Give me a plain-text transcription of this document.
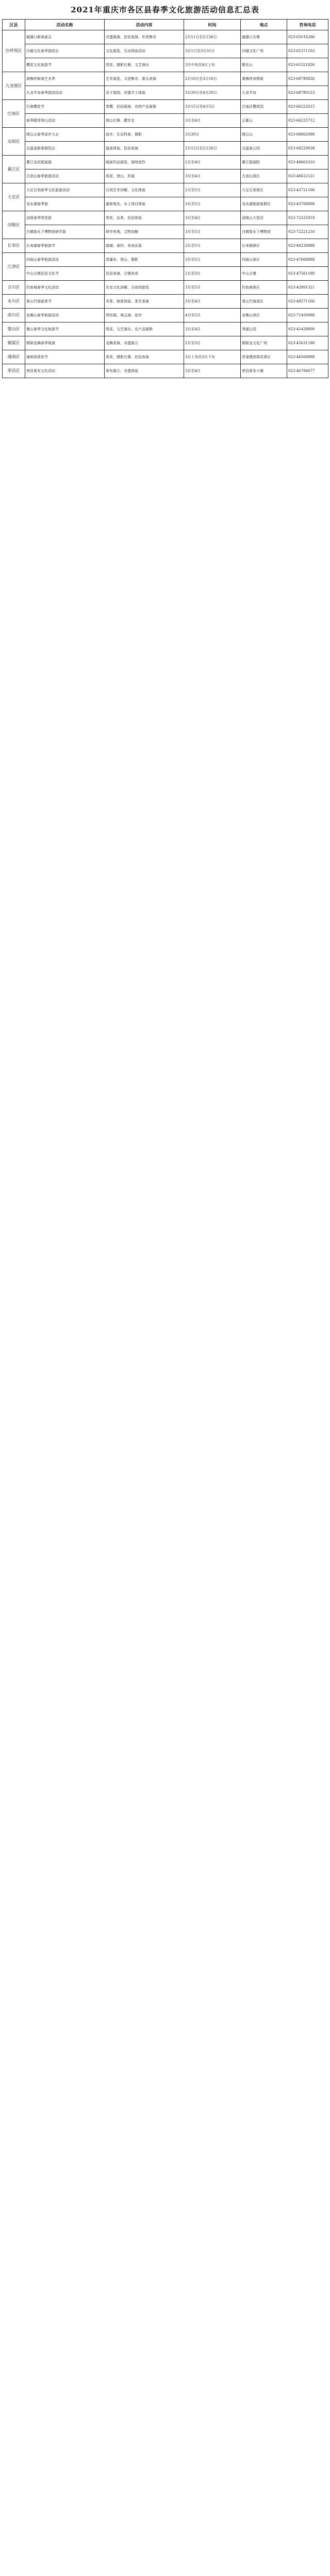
2021年重庆市各区县春季文化旅游活动信息汇总表
区县	活动名称	活动内容	时间	地点	咨询电话
沙坪坝区	磁器口新春庙会	非遗展演、民俗表演、年货集市	2月11日至2月26日	磁器口古镇	023-65016286
	沙磁文化春季游园会	文化展览、互动体验活动	3月1日至3月31日	沙磁文化广场	023-65371103
	樱花文化旅游节	赏花、摄影比赛、文艺演出	3月中旬至4月上旬	歌乐山	023-65321826
九龙坡区	黄桷坪新春艺术季	艺术展览、文创集市、街头表演	2月10日至3月10日	黄桷坪涂鸦街	023-68780826
	九龙半岛春季游园活动	亲子游园、非遗手工体验	3月20日至4月20日	九龙半岛	023-68780123
巴南区	巴南樱花节	赏樱、民俗展演、农特产品展销	3月15日至4月5日	巴南区樱花园	023-66222615
	春季踏青登山活动	登山比赛、健步走	3月至4月	云篆山	023-66225712
北碚区	缙云山春季徒步大会	徒步、生态科普、摄影	3月20日	缙云山	023-68862088
	北温泉新春游园会	温泉体验、民俗表演	2月12日至2月26日	北温泉公园	023-68220038
綦江区	綦江农民版画展	版画作品展览、现场创作	2月至4月	綦江版画院	023-48663310
	古剑山春季旅游活动	赏花、登山、祈福	3月至4月	古剑山景区	023-48622121
大足区	大足石刻春季文化旅游活动	石刻艺术讲解、文化体验	2月至5月	大足石刻景区	023-43721166
	龙水湖春季游	湖景观光、水上项目体验	3月至5月	龙水湖旅游度假区	023-43768888
涪陵区	涪陵春季赏花游	赏花、品茶、民俗体验	3月至4月	武陵山大裂谷	023-72225018
	白鹤梁水下博物馆研学游	研学参观、文物讲解	3月至5月	白鹤梁水下博物馆	023-72221216
长寿区	长寿湖春季旅游节	游湖、垂钓、美食品鉴	3月至5月	长寿湖景区	023-40230888
江津区	四面山春季旅游活动	赏瀑布、登山、摄影	3月至5月	四面山景区	023-47668888
	中山古镇民俗文化节	民俗表演、古镇美食	2月至3月	中山古镇	023-47561188
合川区	钓鱼城春季文化活动	历史文化讲解、古战场游览	3月至5月	钓鱼城景区	023-42801321
永川区	茶山竹海春茶节	采茶、制茶体验、茶艺表演	3月至4月	茶山竹海景区	023-49571166
南川区	金佛山春季旅游活动	赏杜鹃、观云海、徒步	4月至5月	金佛山景区	023-71450088
璧山区	璧山春季文化旅游节	赏花、文艺演出、农产品展销	3月至4月	秀湖公园	023-41428800
铜梁区	铜梁龙舞春季展演	龙舞表演、非遗展示	2月至3月	铜梁龙文化广场	023-45631188
潼南区	潼南油菜花节	赏花、摄影比赛、民俗表演	3月上旬至3月下旬	崇龛镇油菜花景区	023-44568888
荣昌区	荣昌夏布文化活动	夏布展示、非遗体验	3月至4月	荣昌夏布小镇	023-46786677
